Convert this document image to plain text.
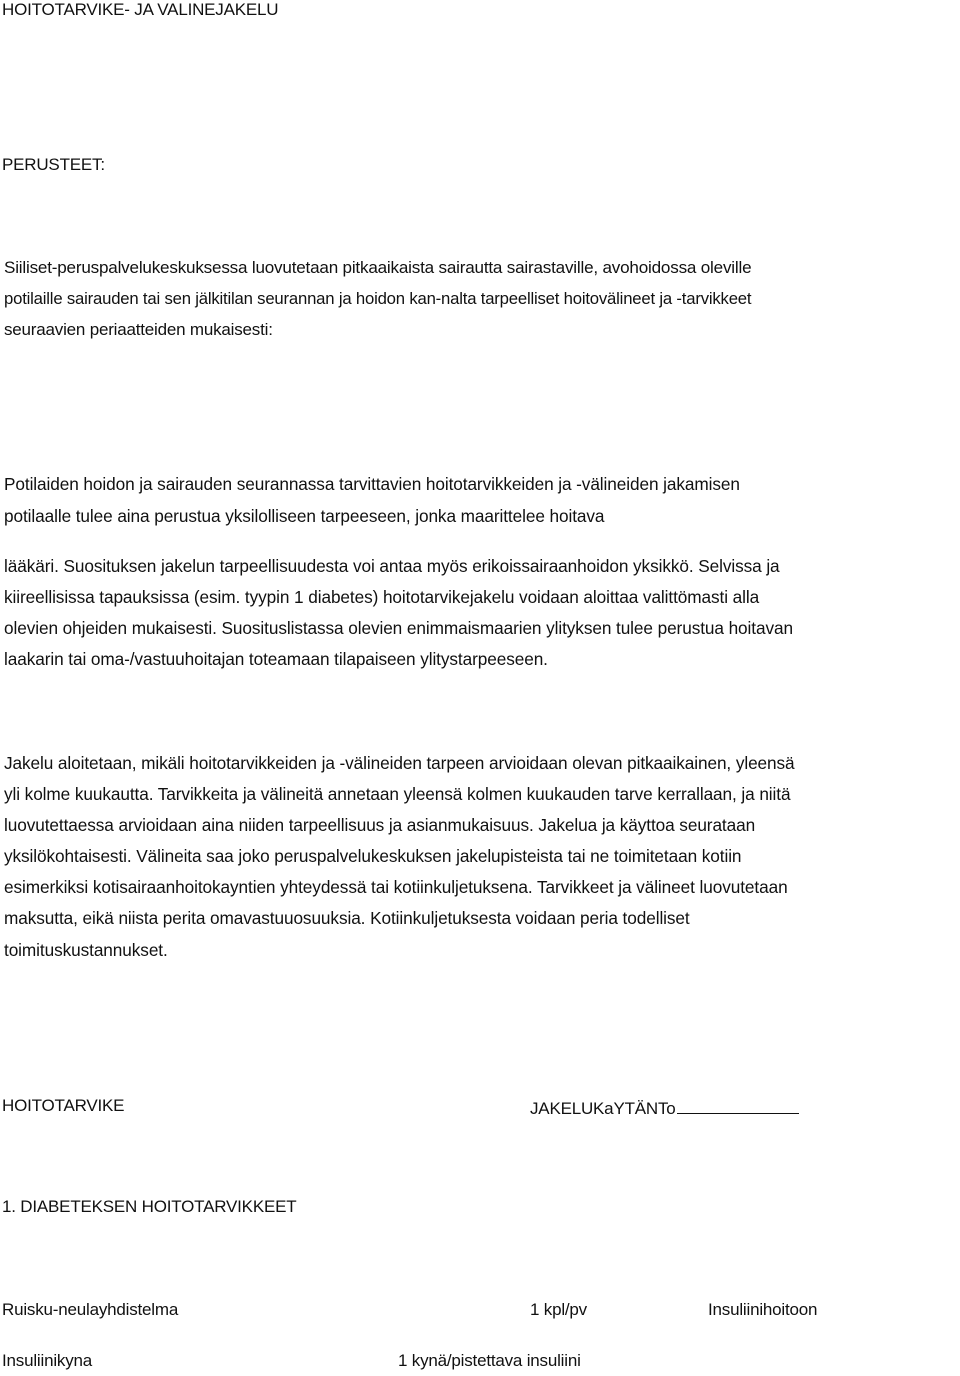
HOITOTARVIKE- JA VALINEJAKELU

PERUSTEET:

Siiliset-peruspalvelukeskuksessa luovutetaan pitkaaikaista sairautta sairastaville, avohoidossa oleville

potilaille sairauden tai sen jälkitilan seurannan ja hoidon kan-nalta tarpeelliset hoitovälineet ja -tarvikkeet

seuraavien periaatteiden mukaisesti:

Potilaiden hoidon ja sairauden seurannassa tarvittavien hoitotarvikkeiden ja -välineiden jakamisen

potilaalle tulee aina perustua yksilolliseen tarpeeseen, jonka maarittelee hoitava

lääkäri. Suosituksen jakelun tarpeellisuudesta voi antaa myös erikoissairaanhoidon yksikkö. Selvissa ja

kiireellisissa tapauksissa (esim. tyypin 1 diabetes) hoitotarvikejakelu voidaan aloittaa valittömasti alla

olevien ohjeiden mukaisesti. Suosituslistassa olevien enimmaismaarien ylityksen tulee perustua hoitavan

laakarin tai oma-/vastuuhoitajan toteamaan tilapaiseen ylitystarpeeseen.

Jakelu aloitetaan, mikäli hoitotarvikkeiden ja -välineiden tarpeen arvioidaan olevan pitkaaikainen, yleensä

yli kolme kuukautta. Tarvikkeita ja välineitä annetaan yleensä kolmen kuukauden tarve kerrallaan, ja niitä

luovutettaessa arvioidaan aina niiden tarpeellisuus ja asianmukaisuus. Jakelua ja käyttoa seurataan

yksilökohtaisesti. Välineita saa joko peruspalvelukeskuksen jakelupisteista tai ne toimitetaan kotiin

esimerkiksi kotisairaanhoitokayntien yhteydessä tai kotiinkuljetuksena. Tarvikkeet ja välineet luovutetaan

maksutta, eikä niista perita omavastuuosuuksia. Kotiinkuljetuksesta voidaan peria todelliset

toimituskustannukset.

HOITOTARVIKE	JAKELUKaYTÄNTo

1. DIABETEKSEN HOITOTARVIKKEET

Ruisku-neulayhdistelma	1 kpl/pv	Insuliinihoitoon

Insuliinikyna	1 kynä/pistettava insuliini
